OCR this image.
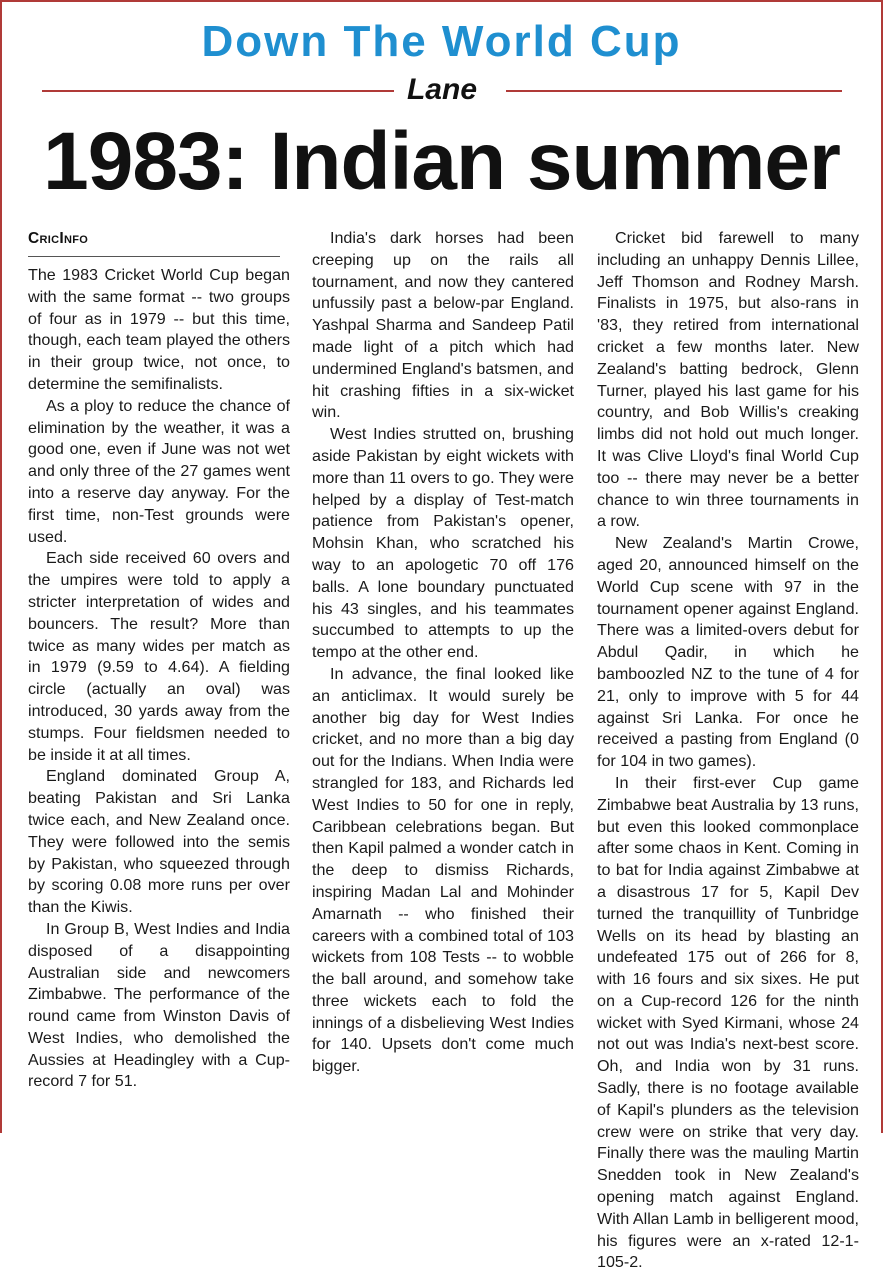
Down The World Cup
Lane
1983: Indian summer
CricInfo

The 1983 Cricket World Cup began with the same format -- two groups of four as in 1979 -- but this time, though, each team played the others in their group twice, not once, to determine the semifinalists.

As a ploy to reduce the chance of elimination by the weather, it was a good one, even if June was not wet and only three of the 27 games went into a reserve day anyway. For the first time, non-Test grounds were used.

Each side received 60 overs and the umpires were told to apply a stricter interpretation of wides and bouncers. The result? More than twice as many wides per match as in 1979 (9.59 to 4.64). A fielding circle (actually an oval) was introduced, 30 yards away from the stumps. Four fieldsmen needed to be inside it at all times.

England dominated Group A, beating Pakistan and Sri Lanka twice each, and New Zealand once. They were followed into the semis by Pakistan, who squeezed through by scoring 0.08 more runs per over than the Kiwis.

In Group B, West Indies and India disposed of a disappointing Australian side and newcomers Zimbabwe. The performance of the round came from Winston Davis of West Indies, who demolished the Aussies at Headingley with a Cup-record 7 for 51.

India's dark horses had been creeping up on the rails all tournament, and now they cantered unfussily past a below-par England. Yashpal Sharma and Sandeep Patil made light of a pitch which had undermined England's batsmen, and hit crashing fifties in a six-wicket win.

West Indies strutted on, brushing aside Pakistan by eight wickets with more than 11 overs to go. They were helped by a display of Test-match patience from Pakistan's opener, Mohsin Khan, who scratched his way to an apologetic 70 off 176 balls. A lone boundary punctuated his 43 singles, and his teammates succumbed to attempts to up the tempo at the other end.

In advance, the final looked like an anticlimax. It would surely be another big day for West Indies cricket, and no more than a big day out for the Indians. When India were strangled for 183, and Richards led West Indies to 50 for one in reply, Caribbean celebrations began. But then Kapil palmed a wonder catch in the deep to dismiss Richards, inspiring Madan Lal and Mohinder Amarnath -- who finished their careers with a combined total of 103 wickets from 108 Tests -- to wobble the ball around, and somehow take three wickets each to fold the innings of a disbelieving West Indies for 140. Upsets don't come much bigger.

Cricket bid farewell to many including an unhappy Dennis Lillee, Jeff Thomson and Rodney Marsh. Finalists in 1975, but also-rans in '83, they retired from international cricket a few months later. New Zealand's batting bedrock, Glenn Turner, played his last game for his country, and Bob Willis's creaking limbs did not hold out much longer. It was Clive Lloyd's final World Cup too -- there may never be a better chance to win three tournaments in a row.

New Zealand's Martin Crowe, aged 20, announced himself on the World Cup scene with 97 in the tournament opener against England. There was a limited-overs debut for Abdul Qadir, in which he bamboozled NZ to the tune of 4 for 21, only to improve with 5 for 44 against Sri Lanka. For once he received a pasting from England (0 for 104 in two games).

In their first-ever Cup game Zimbabwe beat Australia by 13 runs, but even this looked commonplace after some chaos in Kent. Coming in to bat for India against Zimbabwe at a disastrous 17 for 5, Kapil Dev turned the tranquillity of Tunbridge Wells on its head by blasting an undefeated 175 out of 266 for 8, with 16 fours and six sixes. He put on a Cup-record 126 for the ninth wicket with Syed Kirmani, whose 24 not out was India's next-best score. Oh, and India won by 31 runs. Sadly, there is no footage available of Kapil's plunders as the television crew were on strike that very day. Finally there was the mauling Martin Snedden took in New Zealand's opening match against England. With Allan Lamb in belligerent mood, his figures were an x-rated 12-1-105-2.
